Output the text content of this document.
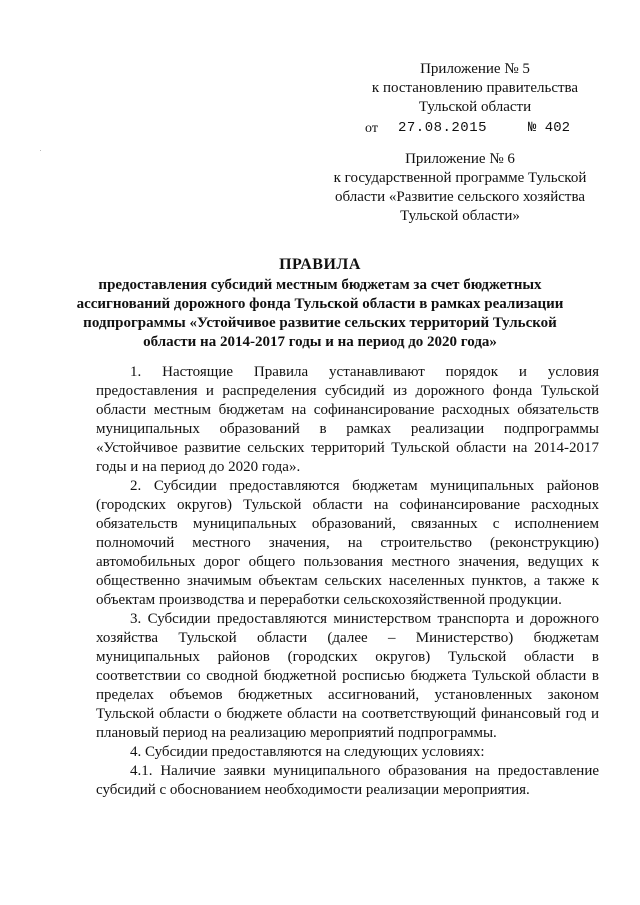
Приложение № 5
к постановлению правительства
Тульской области
от 27.08.2015	№ 402
Приложение № 6
к государственной программе Тульской
области «Развитие сельского хозяйства
Тульской области»
ПРАВИЛА
предоставления субсидий местным бюджетам за счет бюджетных
ассигнований дорожного фонда Тульской области в рамках реализации
подпрограммы «Устойчивое развитие сельских территорий Тульской
области на 2014-2017 годы и на период до 2020 года»
1. Настоящие Правила устанавливают порядок и условия
предоставления и распределения субсидий из дорожного фонда Тульской
области местным бюджетам на софинансирование расходных обязательств
муниципальных образований в рамках реализации подпрограммы
«Устойчивое развитие сельских территорий Тульской области на 2014-2017
годы и на период до 2020 года».
2. Субсидии предоставляются бюджетам муниципальных районов
(городских округов) Тульской области на софинансирование расходных
обязательств муниципальных образований, связанных с исполнением
полномочий местного значения, на строительство (реконструкцию)
автомобильных дорог общего пользования местного значения, ведущих к
общественно значимым объектам сельских населенных пунктов, а также к
объектам производства и переработки сельскохозяйственной продукции.
3. Субсидии предоставляются министерством транспорта и дорожного
хозяйства Тульской области (далее – Министерство) бюджетам
муниципальных районов (городских округов) Тульской области в
соответствии со сводной бюджетной росписью бюджета Тульской области в
пределах объемов бюджетных ассигнований, установленных законом
Тульской области о бюджете области на соответствующий финансовый год и
плановый период на реализацию мероприятий подпрограммы.
4. Субсидии предоставляются на следующих условиях:
4.1. Наличие заявки муниципального образования на предоставление
субсидий с обоснованием необходимости реализации мероприятия.
